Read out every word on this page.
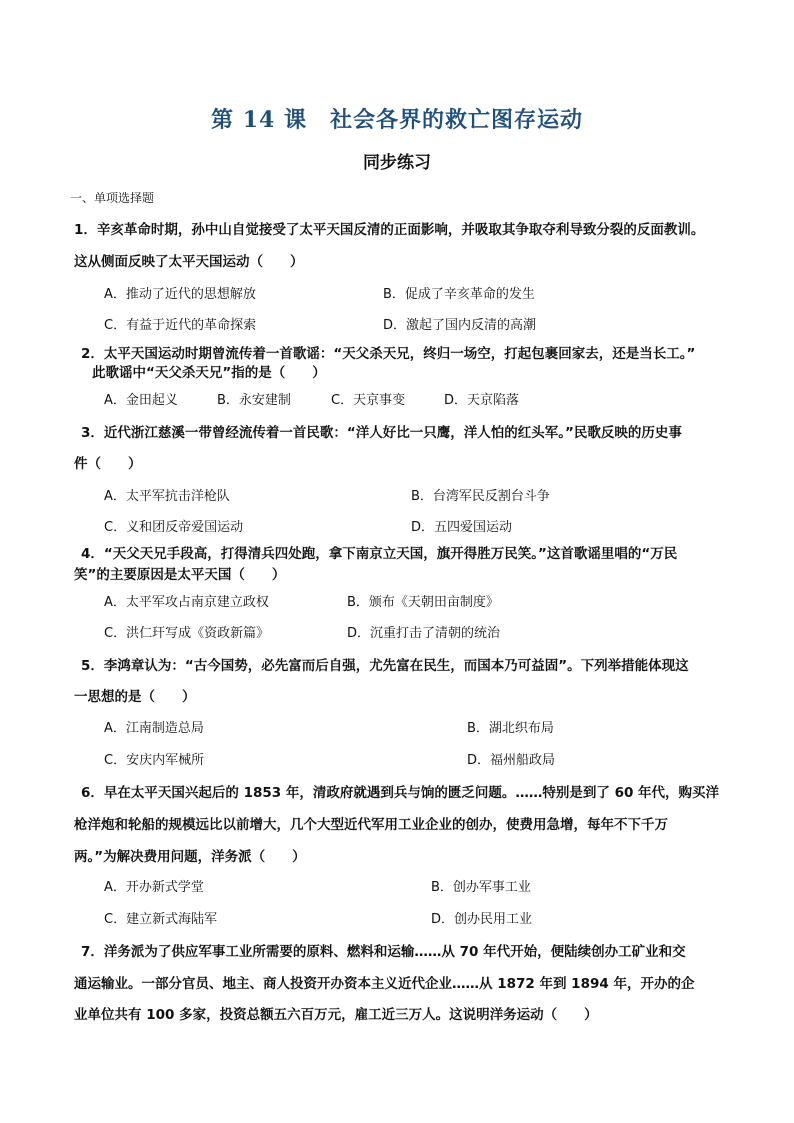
第 14 课　社会各界的救亡图存运动
同步练习
一、单项选择题
1．辛亥革命时期，孙中山自觉接受了太平天国反清的正面影响，并吸取其争取夺利导致分裂的反面教训。
这从侧面反映了太平天国运动（　　）
A．推动了近代的思想解放	B．促成了辛亥革命的发生
C．有益于近代的革命探索	D．激起了国内反清的高潮
2．太平天国运动时期曾流传着一首歌谣：“天父杀天兄，终归一场空，打起包裹回家去，还是当长工。”
此歌谣中“天父杀天兄”指的是（　　）
A．金田起义	B．永安建制	C．天京事变	D．天京陷落
3．近代浙江慈溪一带曾经流传着一首民歌：“洋人好比一只鹰，洋人怕的红头军。”民歌反映的历史事
件（　　）
A．太平军抗击洋枪队	B．台湾军民反割台斗争
C．义和团反帝爱国运动	D．五四爱国运动
4．“天父天兄手段高，打得清兵四处跑，拿下南京立天国，旗开得胜万民笑。”这首歌谣里唱的“万民
笑”的主要原因是太平天国（　　）
A．太平军攻占南京建立政权	B．颁布《天朝田亩制度》
C．洪仁玕写成《资政新篇》	D．沉重打击了清朝的统治
5．李鸿章认为：“古今国势，必先富而后自强，尤先富在民生，而国本乃可益固”。下列举措能体现这
一思想的是（　　）
A．江南制造总局	B．湖北织布局
C．安庆内军械所	D．福州船政局
6．早在太平天国兴起后的 1853 年，清政府就遇到兵与饷的匮乏问题。……特别是到了 60 年代，购买洋
枪洋炮和轮船的规模远比以前增大，几个大型近代军用工业企业的创办，使费用急增，每年不下千万
两。”为解决费用问题，洋务派（　　）
A．开办新式学堂	B．创办军事工业
C．建立新式海陆军	D．创办民用工业
7．洋务派为了供应军事工业所需要的原料、燃料和运输……从 70 年代开始，便陆续创办工矿业和交
通运输业。一部分官员、地主、商人投资开办资本主义近代企业……从 1872 年到 1894 年，开办的企
业单位共有 100 多家，投资总额五六百万元，雇工近三万人。这说明洋务运动（　　）
